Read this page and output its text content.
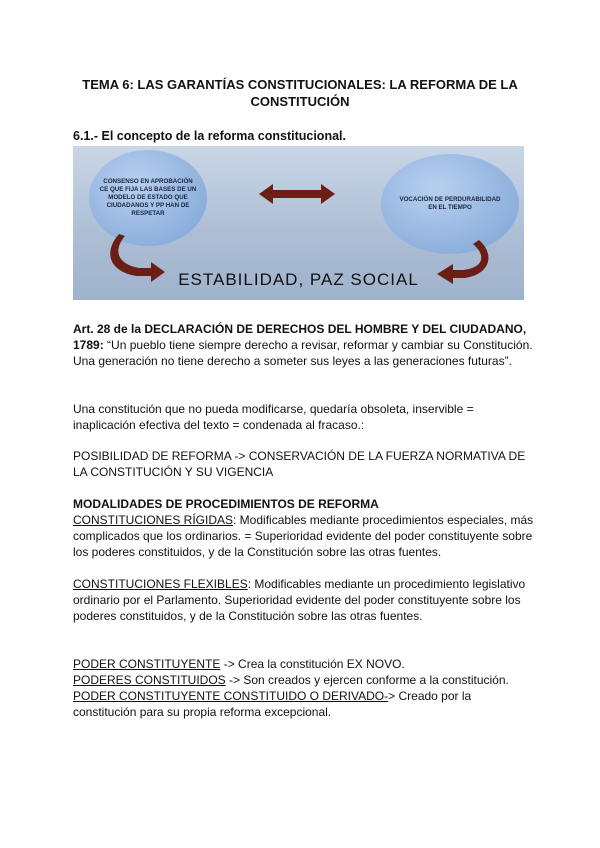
TEMA 6: LAS GARANTÍAS CONSTITUCIONALES: LA REFORMA DE LA CONSTITUCIÓN
6.1.- El concepto de la reforma constitucional.
CONSENSO EN APROBACIÓN CE QUE FIJA LAS BASES DE UN MODELO DE ESTADO QUE CIUDADANOS Y PP HAN DE RESPETAR
VOCACIÓN DE PERDURABILIDAD EN EL TIEMPO
ESTABILIDAD, PAZ SOCIAL
Art. 28 de la DECLARACIÓN DE DERECHOS DEL HOMBRE Y DEL CIUDADANO, 1789: “Un pueblo tiene siempre derecho a revisar, reformar y cambiar su Constitución. Una generación no tiene derecho a someter sus leyes a las generaciones futuras”.
Una constitución que no pueda modificarse, quedaría obsoleta, inservible = inaplicación efectiva del texto = condenada al fracaso.:
POSIBILIDAD DE REFORMA -> CONSERVACIÓN DE LA FUERZA NORMATIVA DE LA CONSTITUCIÓN Y SU VIGENCIA
MODALIDADES DE PROCEDIMIENTOS DE REFORMA
CONSTITUCIONES RÍGIDAS: Modificables mediante procedimientos especiales, más complicados que los ordinarios. = Superioridad evidente del poder constituyente sobre los poderes constituidos, y de la Constitución sobre las otras fuentes.
CONSTITUCIONES FLEXIBLES: Modificables mediante un procedimiento legislativo ordinario por el Parlamento. Superioridad evidente del poder constituyente sobre los poderes constituidos, y de la Constitución sobre las otras fuentes.
PODER CONSTITUYENTE -> Crea la constitución EX NOVO.
PODERES CONSTITUIDOS -> Son creados y ejercen conforme a la constitución.
PODER CONSTITUYENTE CONSTITUIDO O DERIVADO-> Creado por la constitución para su propia reforma excepcional.
